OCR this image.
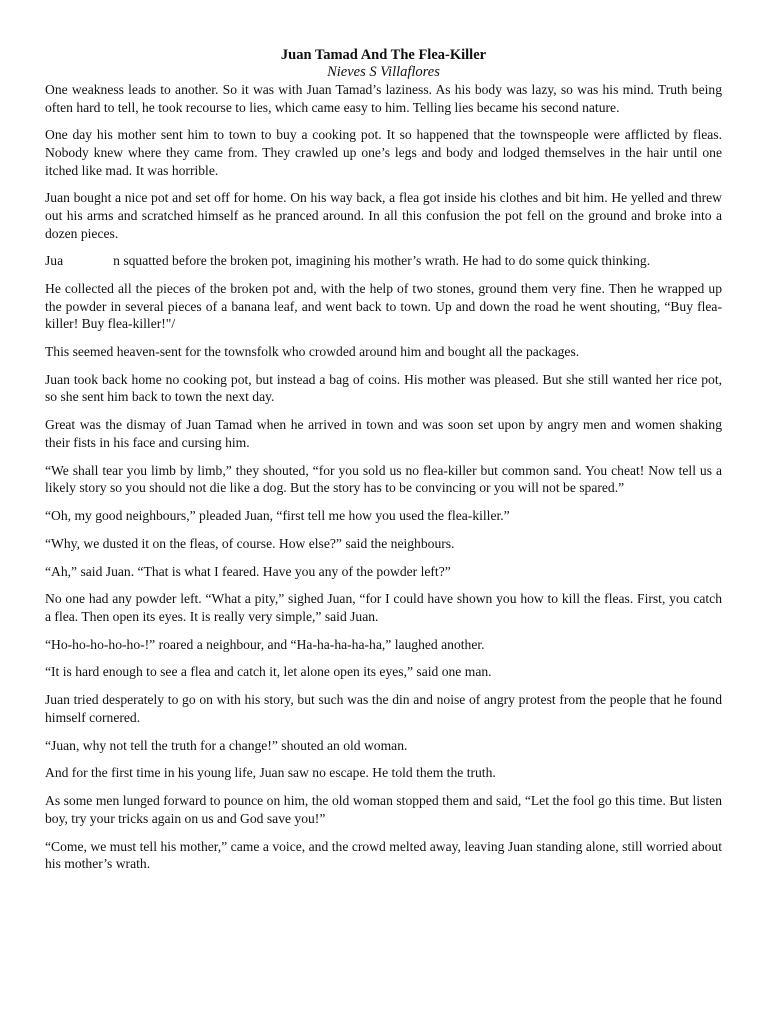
Juan Tamad And The Flea-Killer
Nieves S Villaflores

One weakness leads to another. So it was with Juan Tamad’s laziness. As his body was lazy, so was his mind. Truth being often hard to tell, he took recourse to lies, which came easy to him. Telling lies became his second nature.

One day his mother sent him to town to buy a cooking pot. It so happened that the townspeople were afflicted by fleas. Nobody knew where they came from. They crawled up one’s legs and body and lodged themselves in the hair until one itched like mad. It was horrible.

Juan bought a nice pot and set off for home. On his way back, a flea got inside his clothes and bit him. He yelled and threw out his arms and scratched himself as he pranced around. In all this confusion the pot fell on the ground and broke into a dozen pieces.

Jua	n squatted before the broken pot, imagining his mother’s wrath. He had to do some quick thinking.

He collected all the pieces of the broken pot and, with the help of two stones, ground them very fine. Then he wrapped up the powder in several pieces of a banana leaf, and went back to town. Up and down the road he went shouting, “Buy flea-killer! Buy flea-killer!"/

This seemed heaven-sent for the townsfolk who crowded around him and bought all the packages.

Juan took back home no cooking pot, but instead a bag of coins. His mother was pleased. But she still wanted her rice pot, so she sent him back to town the next day.

Great was the dismay of Juan Tamad when he arrived in town and was soon set upon by angry men and women shaking their fists in his face and cursing him.

“We shall tear you limb by limb,” they shouted, “for you sold us no flea-killer but common sand. You cheat! Now tell us a likely story so you should not die like a dog. But the story has to be convincing or you will not be spared.”

“Oh, my good neighbours,” pleaded Juan, “first tell me how you used the flea-killer.”

“Why, we dusted it on the fleas, of course. How else?” said the neighbours.

“Ah,” said Juan. “That is what I feared. Have you any of the powder left?”

No one had any powder left. “What a pity,” sighed Juan, “for I could have shown you how to kill the fleas. First, you catch a flea. Then open its eyes. It is really very simple,” said Juan.

“Ho-ho-ho-ho-ho-!” roared a neighbour, and “Ha-ha-ha-ha-ha,” laughed another.

“It is hard enough to see a flea and catch it, let alone open its eyes,” said one man.

Juan tried desperately to go on with his story, but such was the din and noise of angry protest from the people that he found himself cornered.

“Juan, why not tell the truth for a change!” shouted an old woman.

And for the first time in his young life, Juan saw no escape. He told them the truth.

As some men lunged forward to pounce on him, the old woman stopped them and said, “Let the fool go this time. But listen boy, try your tricks again on us and God save you!”

“Come, we must tell his mother,” came a voice, and the crowd melted away, leaving Juan standing alone, still worried about his mother’s wrath.
